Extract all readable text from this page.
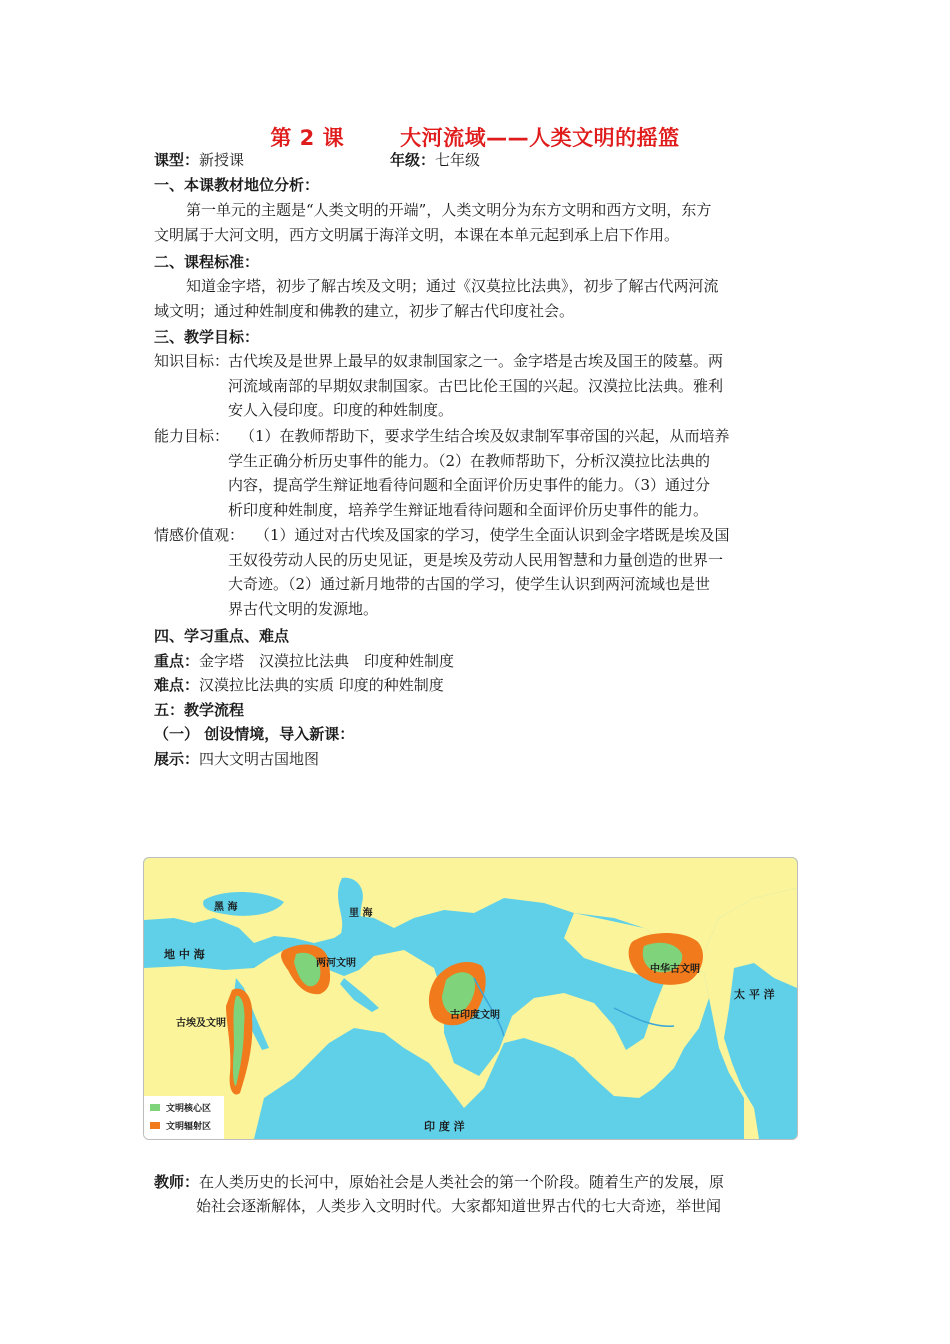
第 2 课	大河流域——人类文明的摇篮
课型：新授课	年级：七年级
一、本课教材地位分析：
第一单元的主题是“人类文明的开端”，人类文明分为东方文明和西方文明，东方
文明属于大河文明，西方文明属于海洋文明，本课在本单元起到承上启下作用。
二、课程标准：
知道金字塔，初步了解古埃及文明；通过《汉莫拉比法典》，初步了解古代两河流
域文明；通过种姓制度和佛教的建立，初步了解古代印度社会。
三、教学目标：
知识目标：
古代埃及是世界上最早的奴隶制国家之一。金字塔是古埃及国王的陵墓。两
河流域南部的早期奴隶制国家。古巴比伦王国的兴起。汉漠拉比法典。雅利
安人入侵印度。印度的种姓制度。
能力目标： （1）在教师帮助下，要求学生结合埃及奴隶制军事帝国的兴起，从而培养
学生正确分析历史事件的能力。（2）在教师帮助下，分析汉漠拉比法典的
内容，提高学生辩证地看待问题和全面评价历史事件的能力。（3）通过分
析印度种姓制度，培养学生辩证地看待问题和全面评价历史事件的能力。
情感价值观： （1）通过对古代埃及国家的学习，使学生全面认识到金字塔既是埃及国
王奴役劳动人民的历史见证，更是埃及劳动人民用智慧和力量创造的世界一
大奇迹。（2）通过新月地带的古国的学习，使学生认识到两河流域也是世
界古代文明的发源地。
四、学习重点、难点
重点：金字塔　汉漠拉比法典　印度种姓制度
难点：汉漠拉比法典的实质 印度的种姓制度
五：教学流程
（一） 创设情境，导入新课：
展示：四大文明古国地图
黑 海
里 海
地 中 海
两河文明
古埃及文明
古印度文明
中华古文明
印 度 洋
太 平 洋
文明核心区
文明辐射区
教师：在人类历史的长河中，原始社会是人类社会的第一个阶段。随着生产的发展，原
始社会逐渐解体，人类步入文明时代。大家都知道世界古代的七大奇迹，举世闻
